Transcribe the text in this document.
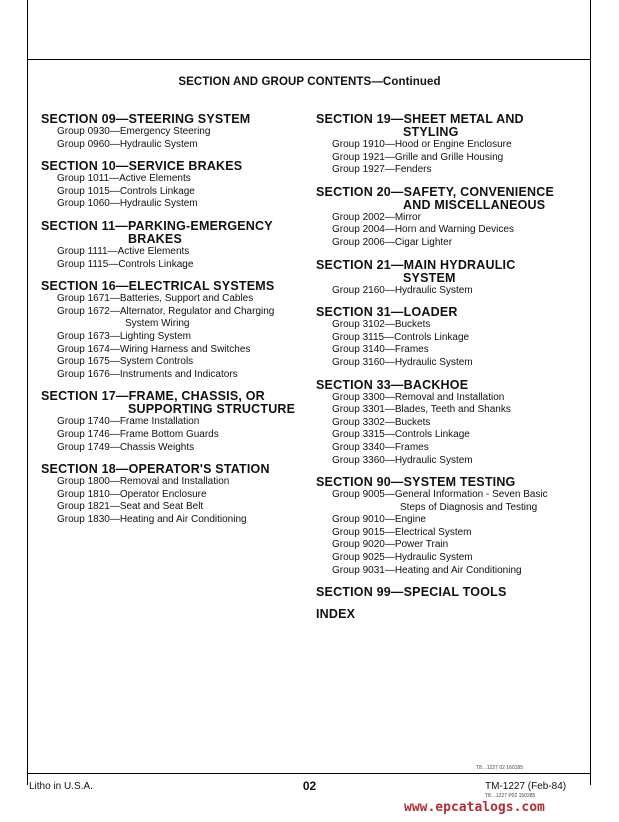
SECTION AND GROUP CONTENTS—Continued
SECTION 09—STEERING SYSTEM
Group 0930—Emergency Steering
Group 0960—Hydraulic System
SECTION 10—SERVICE BRAKES
Group 1011—Active Elements
Group 1015—Controls Linkage
Group 1060—Hydraulic System
SECTION 11—PARKING-EMERGENCY
BRAKES
Group 1111—Active Elements
Group 1115—Controls Linkage
SECTION 16—ELECTRICAL SYSTEMS
Group 1671—Batteries, Support and Cables
Group 1672—Alternator, Regulator and Charging
System Wiring
Group 1673—Lighting System
Group 1674—Wiring Harness and Switches
Group 1675—System Controls
Group 1676—Instruments and Indicators
SECTION 17—FRAME, CHASSIS, OR
SUPPORTING STRUCTURE
Group 1740—Frame Installation
Group 1746—Frame Bottom Guards
Group 1749—Chassis Weights
SECTION 18—OPERATOR'S STATION
Group 1800—Removal and Installation
Group 1810—Operator Enclosure
Group 1821—Seat and Seat Belt
Group 1830—Heating and Air Conditioning
SECTION 19—SHEET METAL AND
STYLING
Group 1910—Hood or Engine Enclosure
Group 1921—Grille and Grille Housing
Group 1927—Fenders
SECTION 20—SAFETY, CONVENIENCE
AND MISCELLANEOUS
Group 2002—Mirror
Group 2004—Horn and Warning Devices
Group 2006—Cigar Lighter
SECTION 21—MAIN HYDRAULIC
SYSTEM
Group 2160—Hydraulic System
SECTION 31—LOADER
Group 3102—Buckets
Group 3115—Controls Linkage
Group 3140—Frames
Group 3160—Hydraulic System
SECTION 33—BACKHOE
Group 3300—Removal and Installation
Group 3301—Blades, Teeth and Shanks
Group 3302—Buckets
Group 3315—Controls Linkage
Group 3340—Frames
Group 3360—Hydraulic System
SECTION 90—SYSTEM TESTING
Group 9005—General Information - Seven Basic
Steps of Diagnosis and Testing
Group 9010—Engine
Group 9015—Electrical System
Group 9020—Power Train
Group 9025—Hydraulic System
Group 9031—Heating and Air Conditioning
SECTION 99—SPECIAL TOOLS
INDEX
T8…1227 02 160185
Litho in U.S.A.	02	TM-1227 (Feb-84)
T8…1227 P02 150285
www.epcatalogs.com
